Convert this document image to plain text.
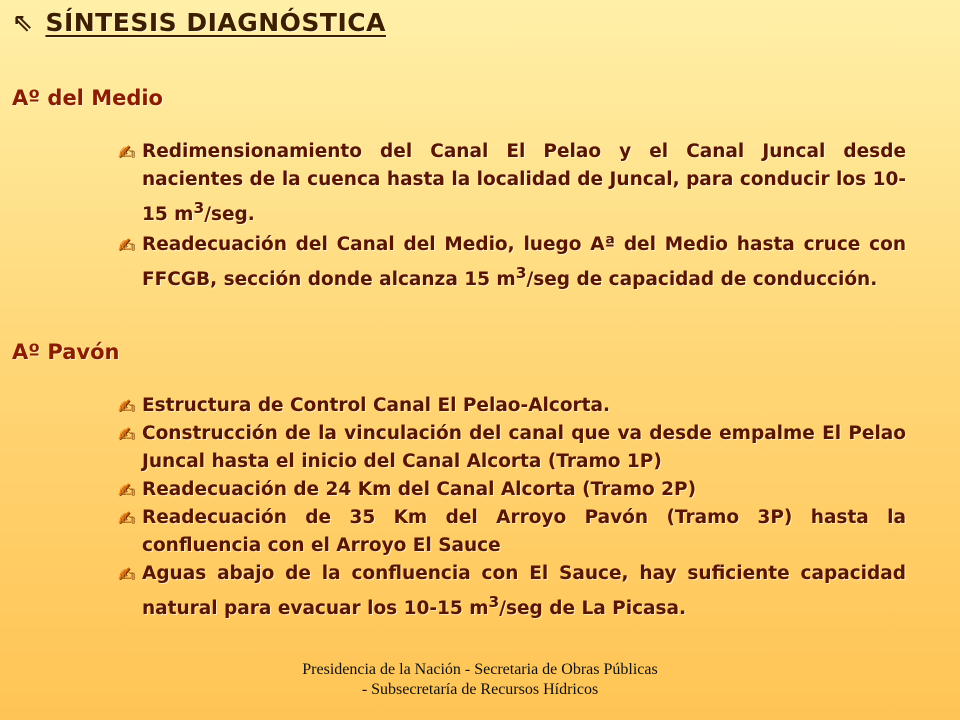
⇖ SÍNTESIS DIAGNÓSTICA
Aº del Medio
✍ Redimensionamiento del Canal El Pelao y el Canal Juncal desde nacientes de la cuenca hasta la localidad de Juncal, para conducir los 10-15 $m^3$/seg.
✍ Readecuación del Canal del Medio, luego Aª del Medio hasta cruce con FFCGB, sección donde alcanza 15 $m^3$/seg de capacidad de conducción.
Aº Pavón
✍ Estructura de Control Canal El Pelao-Alcorta.
✍ Construcción de la vinculación del canal que va desde empalme El Pelao Juncal hasta el inicio del Canal Alcorta (Tramo 1P)
✍ Readecuación de 24 Km del Canal Alcorta (Tramo 2P)
✍ Readecuación de 35 Km del Arroyo Pavón (Tramo 3P) hasta la confluencia con el Arroyo El Sauce
✍ Aguas abajo de la confluencia con El Sauce, hay suficiente capacidad natural para evacuar los 10-15 $m^3$/seg de La Picasa.
Presidencia de la Nación - Secretaria de Obras Públicas - Subsecretaría de Recursos Hídricos
